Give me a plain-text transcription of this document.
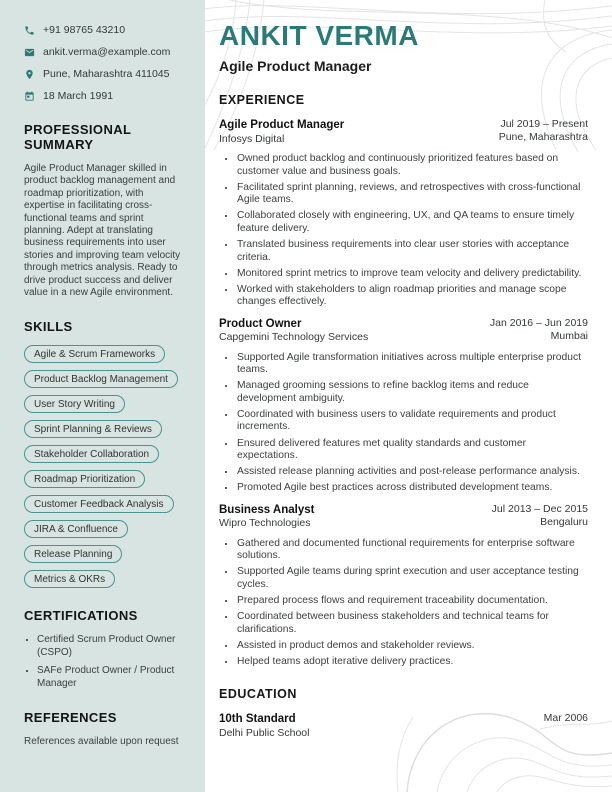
+91 98765 43210
ankit.verma@example.com
Pune, Maharashtra 411045
18 March 1991
PROFESSIONAL SUMMARY

Agile Product Manager skilled in product backlog management and roadmap prioritization, with expertise in facilitating cross-functional teams and sprint planning. Adept at translating business requirements into user stories and improving team velocity through metrics analysis. Ready to drive product success and deliver value in a new Agile environment.

SKILLS
Agile & Scrum Frameworks
Product Backlog Management
User Story Writing
Sprint Planning & Reviews
Stakeholder Collaboration
Roadmap Prioritization
Customer Feedback Analysis
JIRA & Confluence
Release Planning
Metrics & OKRs
CERTIFICATIONS
• Certified Scrum Product Owner (CSPO)
• SAFe Product Owner / Product Manager
REFERENCES

References available upon request

ANKIT VERMA
Agile Product Manager
EXPERIENCE
Agile Product Manager
Infosys Digital
Jul 2019 – Present
Pune, Maharashtra
• Owned product backlog and continuously prioritized features based on customer value and business goals.
• Facilitated sprint planning, reviews, and retrospectives with cross-functional Agile teams.
• Collaborated closely with engineering, UX, and QA teams to ensure timely feature delivery.
• Translated business requirements into clear user stories with acceptance criteria.
• Monitored sprint metrics to improve team velocity and delivery predictability.
• Worked with stakeholders to align roadmap priorities and manage scope changes effectively.
Product Owner
Capgemini Technology Services
Jan 2016 – Jun 2019
Mumbai
• Supported Agile transformation initiatives across multiple enterprise product teams.
• Managed grooming sessions to refine backlog items and reduce development ambiguity.
• Coordinated with business users to validate requirements and product increments.
• Ensured delivered features met quality standards and customer expectations.
• Assisted release planning activities and post-release performance analysis.
• Promoted Agile best practices across distributed development teams.
Business Analyst
Wipro Technologies
Jul 2013 – Dec 2015
Bengaluru
• Gathered and documented functional requirements for enterprise software solutions.
• Supported Agile teams during sprint execution and user acceptance testing cycles.
• Prepared process flows and requirement traceability documentation.
• Coordinated between business stakeholders and technical teams for clarifications.
• Assisted in product demos and stakeholder reviews.
• Helped teams adopt iterative delivery practices.
EDUCATION
10th Standard
Delhi Public School
Mar 2006
